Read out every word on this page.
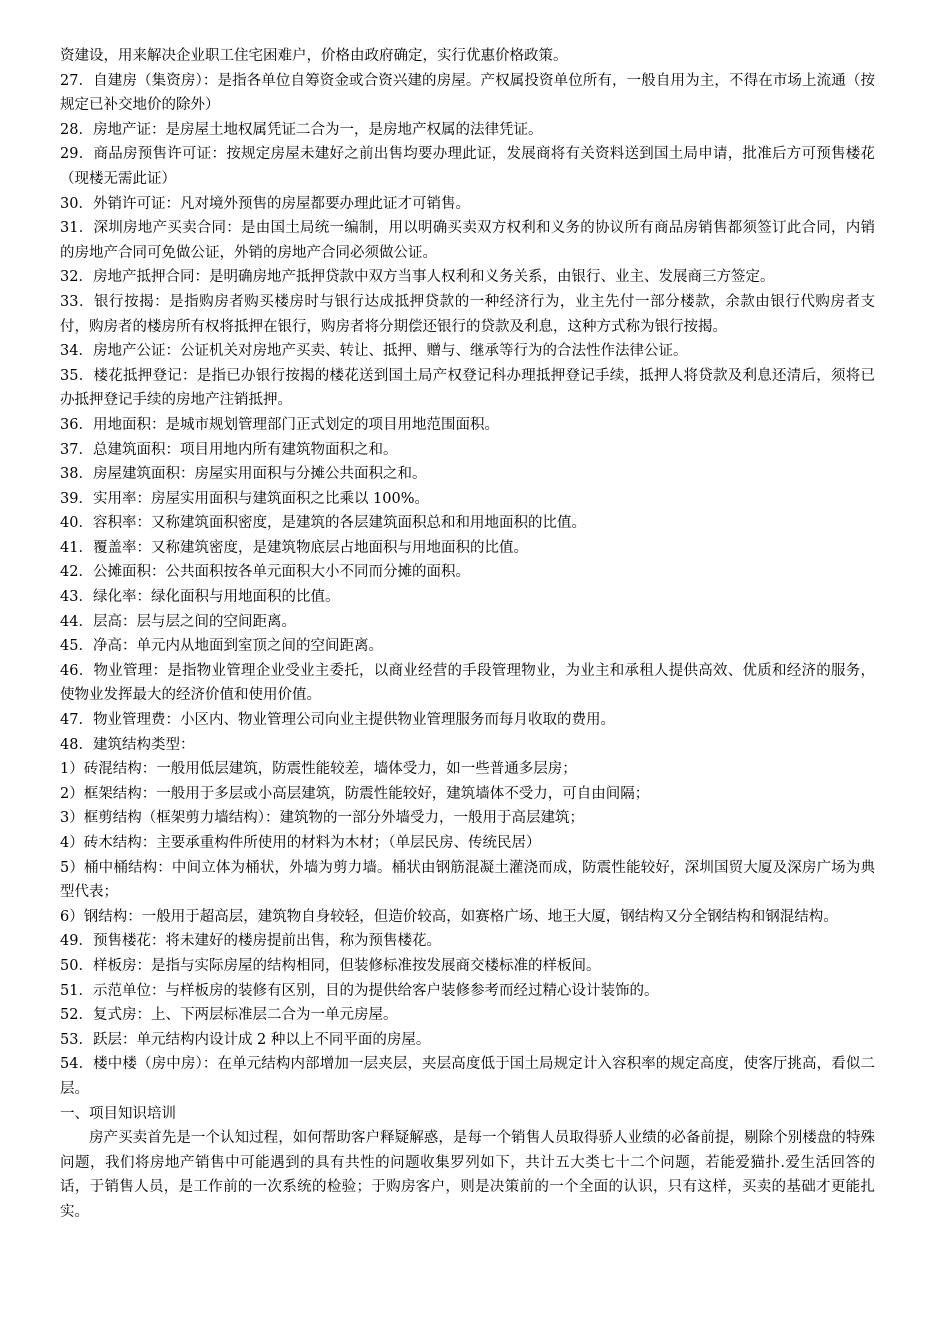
资建设，用来解决企业职工住宅困难户，价格由政府确定，实行优惠价格政策。

27．自建房（集资房）：是指各单位自筹资金或合资兴建的房屋。产权属投资单位所有，一般自用为主，不得在市场上流通（按规定已补交地价的除外）

28．房地产证：是房屋土地权属凭证二合为一，是房地产权属的法律凭证。

29．商品房预售许可证：按规定房屋未建好之前出售均要办理此证，发展商将有关资料送到国土局申请，批准后方可预售楼花（现楼无需此证）

30．外销许可证：凡对境外预售的房屋都要办理此证才可销售。

31．深圳房地产买卖合同：是由国土局统一编制，用以明确买卖双方权利和义务的协议所有商品房销售都须签订此合同，内销的房地产合同可免做公证，外销的房地产合同必须做公证。

32．房地产抵押合同：是明确房地产抵押贷款中双方当事人权利和义务关系，由银行、业主、发展商三方签定。

33．银行按揭：是指购房者购买楼房时与银行达成抵押贷款的一种经济行为，业主先付一部分楼款，余款由银行代购房者支付，购房者的楼房所有权将抵押在银行，购房者将分期偿还银行的贷款及利息，这种方式称为银行按揭。

34．房地产公证：公证机关对房地产买卖、转让、抵押、赠与、继承等行为的合法性作法律公证。

35．楼花抵押登记：是指已办银行按揭的楼花送到国土局产权登记科办理抵押登记手续，抵押人将贷款及利息还清后，须将已办抵押登记手续的房地产注销抵押。

36．用地面积：是城市规划管理部门正式划定的项目用地范围面积。

37．总建筑面积：项目用地内所有建筑物面积之和。

38．房屋建筑面积：房屋实用面积与分摊公共面积之和。

39．实用率：房屋实用面积与建筑面积之比乘以 100%。

40．容积率：又称建筑面积密度，是建筑的各层建筑面积总和和用地面积的比值。

41．覆盖率：又称建筑密度，是建筑物底层占地面积与用地面积的比值。

42．公摊面积：公共面积按各单元面积大小不同而分摊的面积。

43．绿化率：绿化面积与用地面积的比值。

44．层高：层与层之间的空间距离。

45．净高：单元内从地面到室顶之间的空间距离。

46．物业管理：是指物业管理企业受业主委托，以商业经营的手段管理物业，为业主和承租人提供高效、优质和经济的服务，使物业发挥最大的经济价值和使用价值。

47．物业管理费：小区内、物业管理公司向业主提供物业管理服务而每月收取的费用。

48．建筑结构类型：

1）砖混结构：一般用低层建筑，防震性能较差，墙体受力，如一些普通多层房；

2）框架结构：一般用于多层或小高层建筑，防震性能较好，建筑墙体不受力，可自由间隔；

3）框剪结构（框架剪力墙结构）：建筑物的一部分外墙受力，一般用于高层建筑；

4）砖木结构：主要承重构件所使用的材料为木材；（单层民房、传统民居）

5）桶中桶结构：中间立体为桶状，外墙为剪力墙。桶状由钢筋混凝土灌浇而成，防震性能较好，深圳国贸大厦及深房广场为典型代表；

6）钢结构：一般用于超高层，建筑物自身较轻，但造价较高，如赛格广场、地王大厦，钢结构又分全钢结构和钢混结构。

49．预售楼花：将未建好的楼房提前出售，称为预售楼花。

50．样板房：是指与实际房屋的结构相同，但装修标准按发展商交楼标准的样板间。

51．示范单位：与样板房的装修有区别，目的为提供给客户装修参考而经过精心设计装饰的。

52．复式房：上、下两层标准层二合为一单元房屋。

53．跃层：单元结构内设计成 2 种以上不同平面的房屋。

54．楼中楼（房中房）：在单元结构内部增加一层夹层，夹层高度低于国土局规定计入容积率的规定高度，使客厅挑高，看似二层。

一、项目知识培训

房产买卖首先是一个认知过程，如何帮助客户释疑解惑，是每一个销售人员取得骄人业绩的必备前提，剔除个别楼盘的特殊问题，我们将房地产销售中可能遇到的具有共性的问题收集罗列如下，共计五大类七十二个问题，若能爱猫扑.爱生活回答的话，于销售人员，是工作前的一次系统的检验；于购房客户，则是决策前的一个全面的认识，只有这样，买卖的基础才更能扎实。
